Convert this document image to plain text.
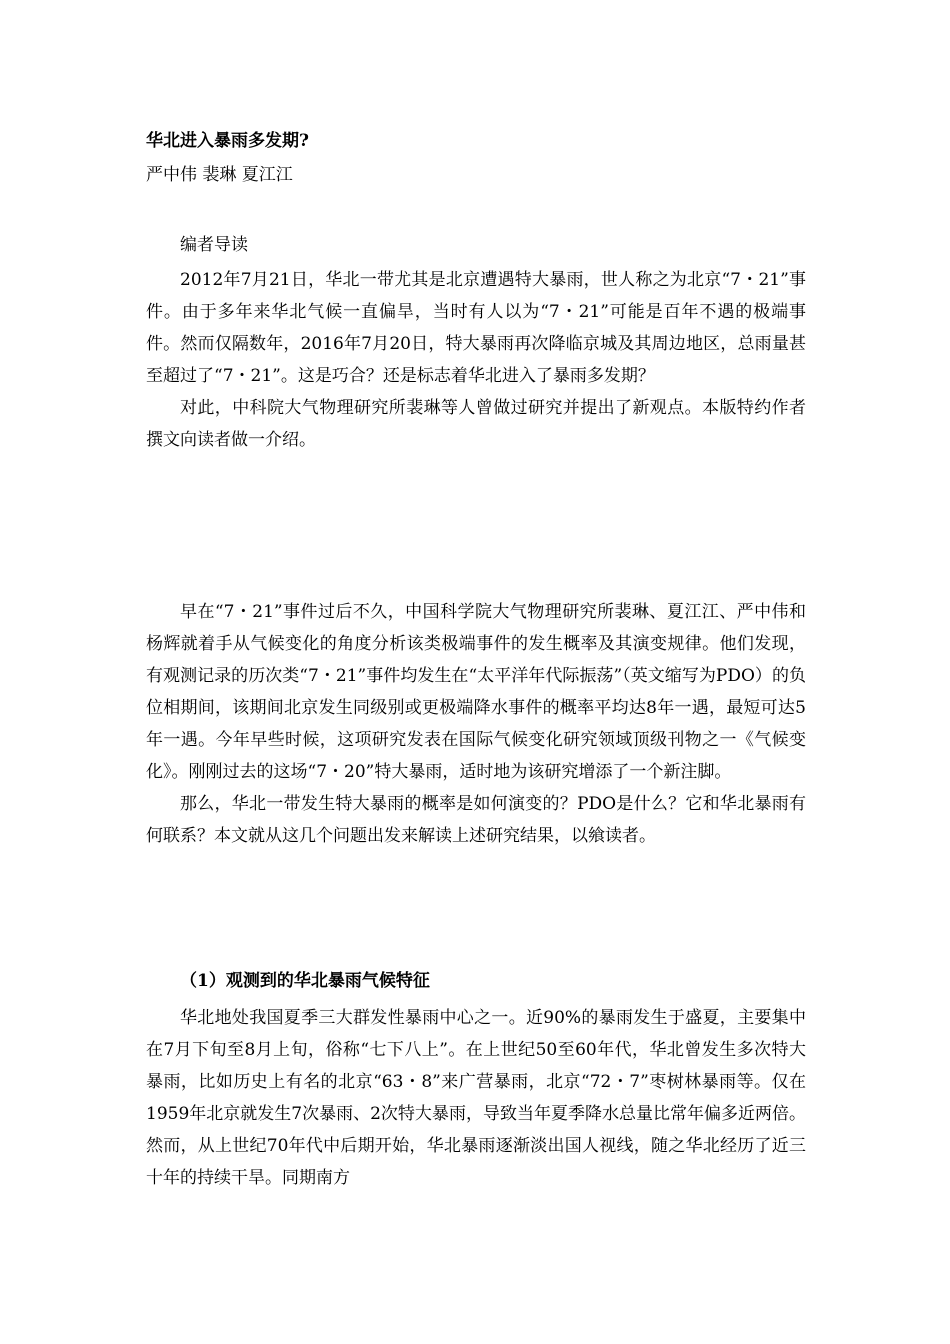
华北进入暴雨多发期?
严中伟 裴琳 夏江江
编者导读

2012年7月21日，华北一带尤其是北京遭遇特大暴雨，世人称之为北京“7・21”事件。由于多年来华北气候一直偏旱，当时有人以为“7・21”可能是百年不遇的极端事件。然而仅隔数年，2016年7月20日，特大暴雨再次降临京城及其周边地区，总雨量甚至超过了“7・21”。这是巧合？还是标志着华北进入了暴雨多发期？

对此，中科院大气物理研究所裴琳等人曾做过研究并提出了新观点。本版特约作者撰文向读者做一介绍。

早在“7・21”事件过后不久，中国科学院大气物理研究所裴琳、夏江江、严中伟和杨辉就着手从气候变化的角度分析该类极端事件的发生概率及其演变规律。他们发现，有观测记录的历次类“7・21”事件均发生在“太平洋年代际振荡”（英文缩写为PDO）的负位相期间，该期间北京发生同级别或更极端降水事件的概率平均达8年一遇，最短可达5年一遇。今年早些时候，这项研究发表在国际气候变化研究领域顶级刊物之一《气候变化》。刚刚过去的这场“7・20”特大暴雨，适时地为该研究增添了一个新注脚。

那么，华北一带发生特大暴雨的概率是如何演变的？PDO是什么？它和华北暴雨有何联系？本文就从这几个问题出发来解读上述研究结果，以飨读者。

（1）观测到的华北暴雨气候特征

华北地处我国夏季三大群发性暴雨中心之一。近90%的暴雨发生于盛夏，主要集中在7月下旬至8月上旬，俗称“七下八上”。在上世纪50至60年代，华北曾发生多次特大暴雨，比如历史上有名的北京“63・8”来广营暴雨，北京“72・7”枣树林暴雨等。仅在1959年北京就发生7次暴雨、2次特大暴雨，导致当年夏季降水总量比常年偏多近两倍。然而，从上世纪70年代中后期开始，华北暴雨逐渐淡出国人视线，随之华北经历了近三十年的持续干旱。同期南方
